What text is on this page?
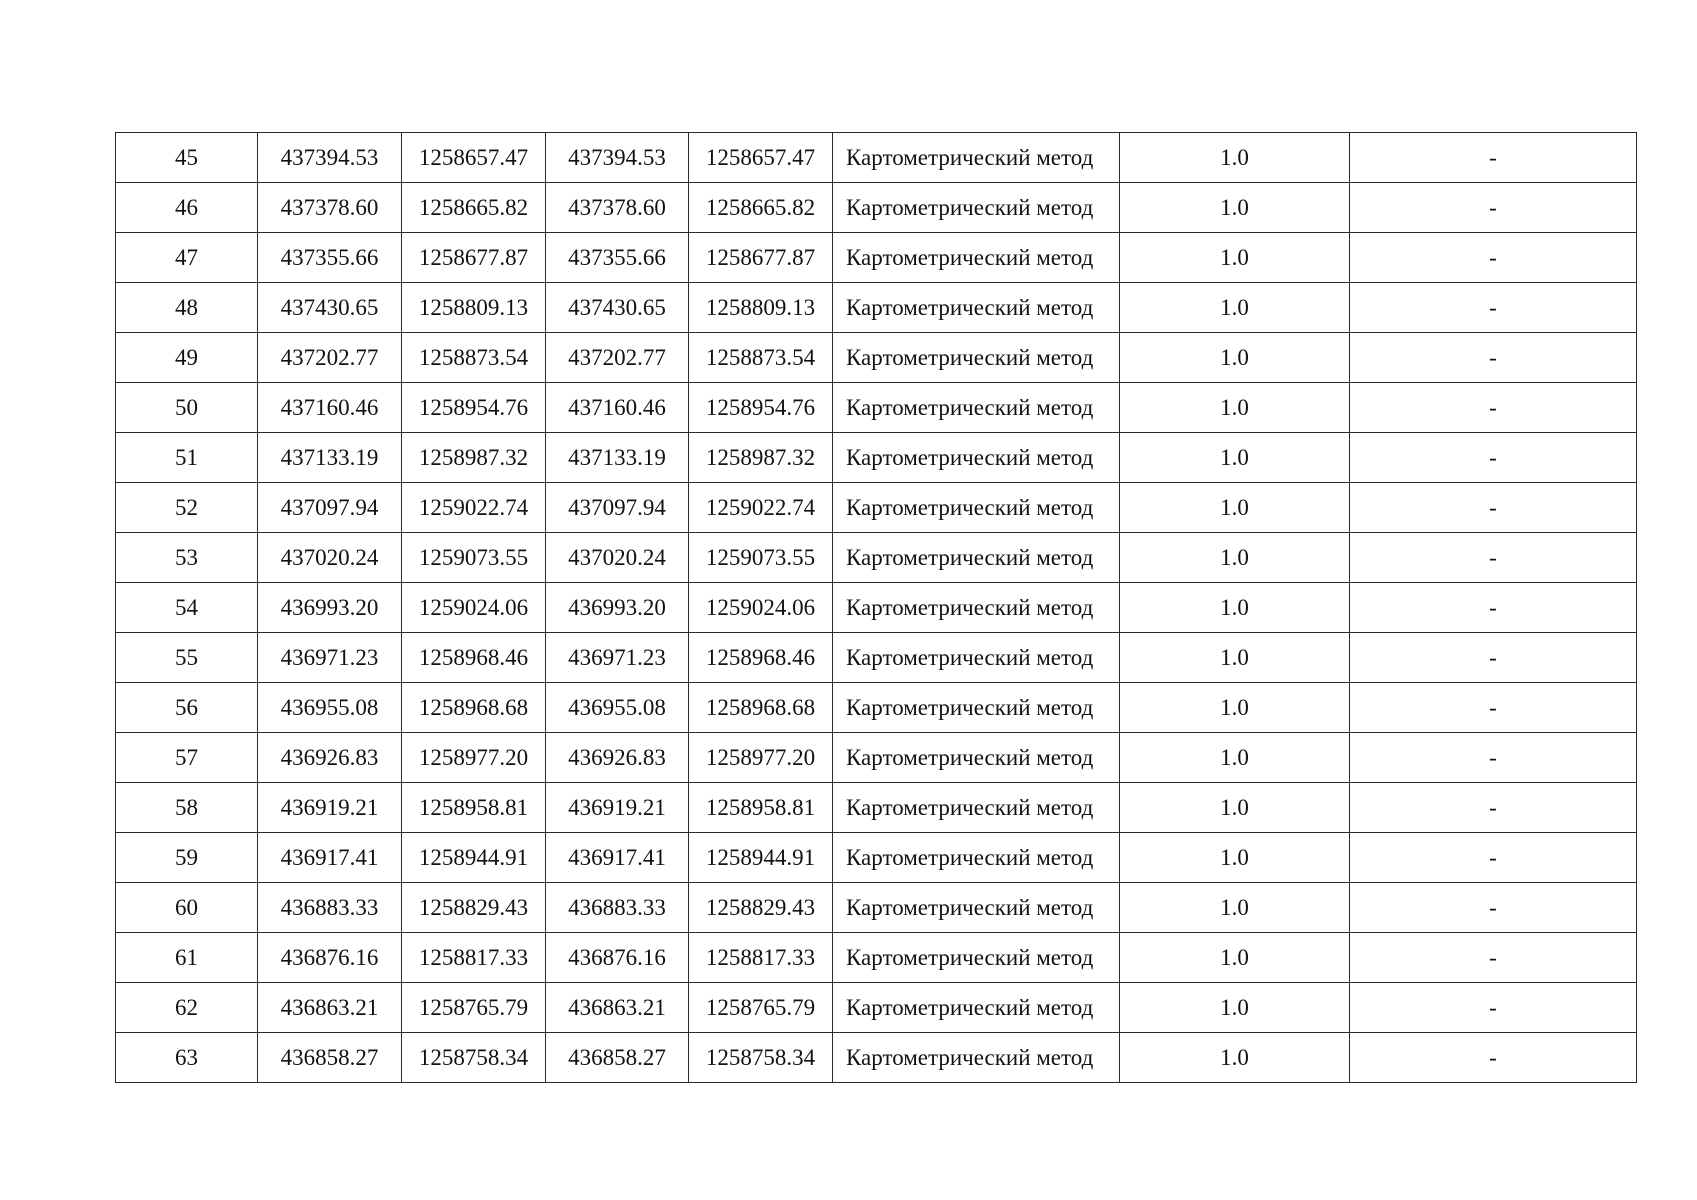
45	437394.53	1258657.47	437394.53	1258657.47	Картометрический метод	1.0	-
46	437378.60	1258665.82	437378.60	1258665.82	Картометрический метод	1.0	-
47	437355.66	1258677.87	437355.66	1258677.87	Картометрический метод	1.0	-
48	437430.65	1258809.13	437430.65	1258809.13	Картометрический метод	1.0	-
49	437202.77	1258873.54	437202.77	1258873.54	Картометрический метод	1.0	-
50	437160.46	1258954.76	437160.46	1258954.76	Картометрический метод	1.0	-
51	437133.19	1258987.32	437133.19	1258987.32	Картометрический метод	1.0	-
52	437097.94	1259022.74	437097.94	1259022.74	Картометрический метод	1.0	-
53	437020.24	1259073.55	437020.24	1259073.55	Картометрический метод	1.0	-
54	436993.20	1259024.06	436993.20	1259024.06	Картометрический метод	1.0	-
55	436971.23	1258968.46	436971.23	1258968.46	Картометрический метод	1.0	-
56	436955.08	1258968.68	436955.08	1258968.68	Картометрический метод	1.0	-
57	436926.83	1258977.20	436926.83	1258977.20	Картометрический метод	1.0	-
58	436919.21	1258958.81	436919.21	1258958.81	Картометрический метод	1.0	-
59	436917.41	1258944.91	436917.41	1258944.91	Картометрический метод	1.0	-
60	436883.33	1258829.43	436883.33	1258829.43	Картометрический метод	1.0	-
61	436876.16	1258817.33	436876.16	1258817.33	Картометрический метод	1.0	-
62	436863.21	1258765.79	436863.21	1258765.79	Картометрический метод	1.0	-
63	436858.27	1258758.34	436858.27	1258758.34	Картометрический метод	1.0	-
